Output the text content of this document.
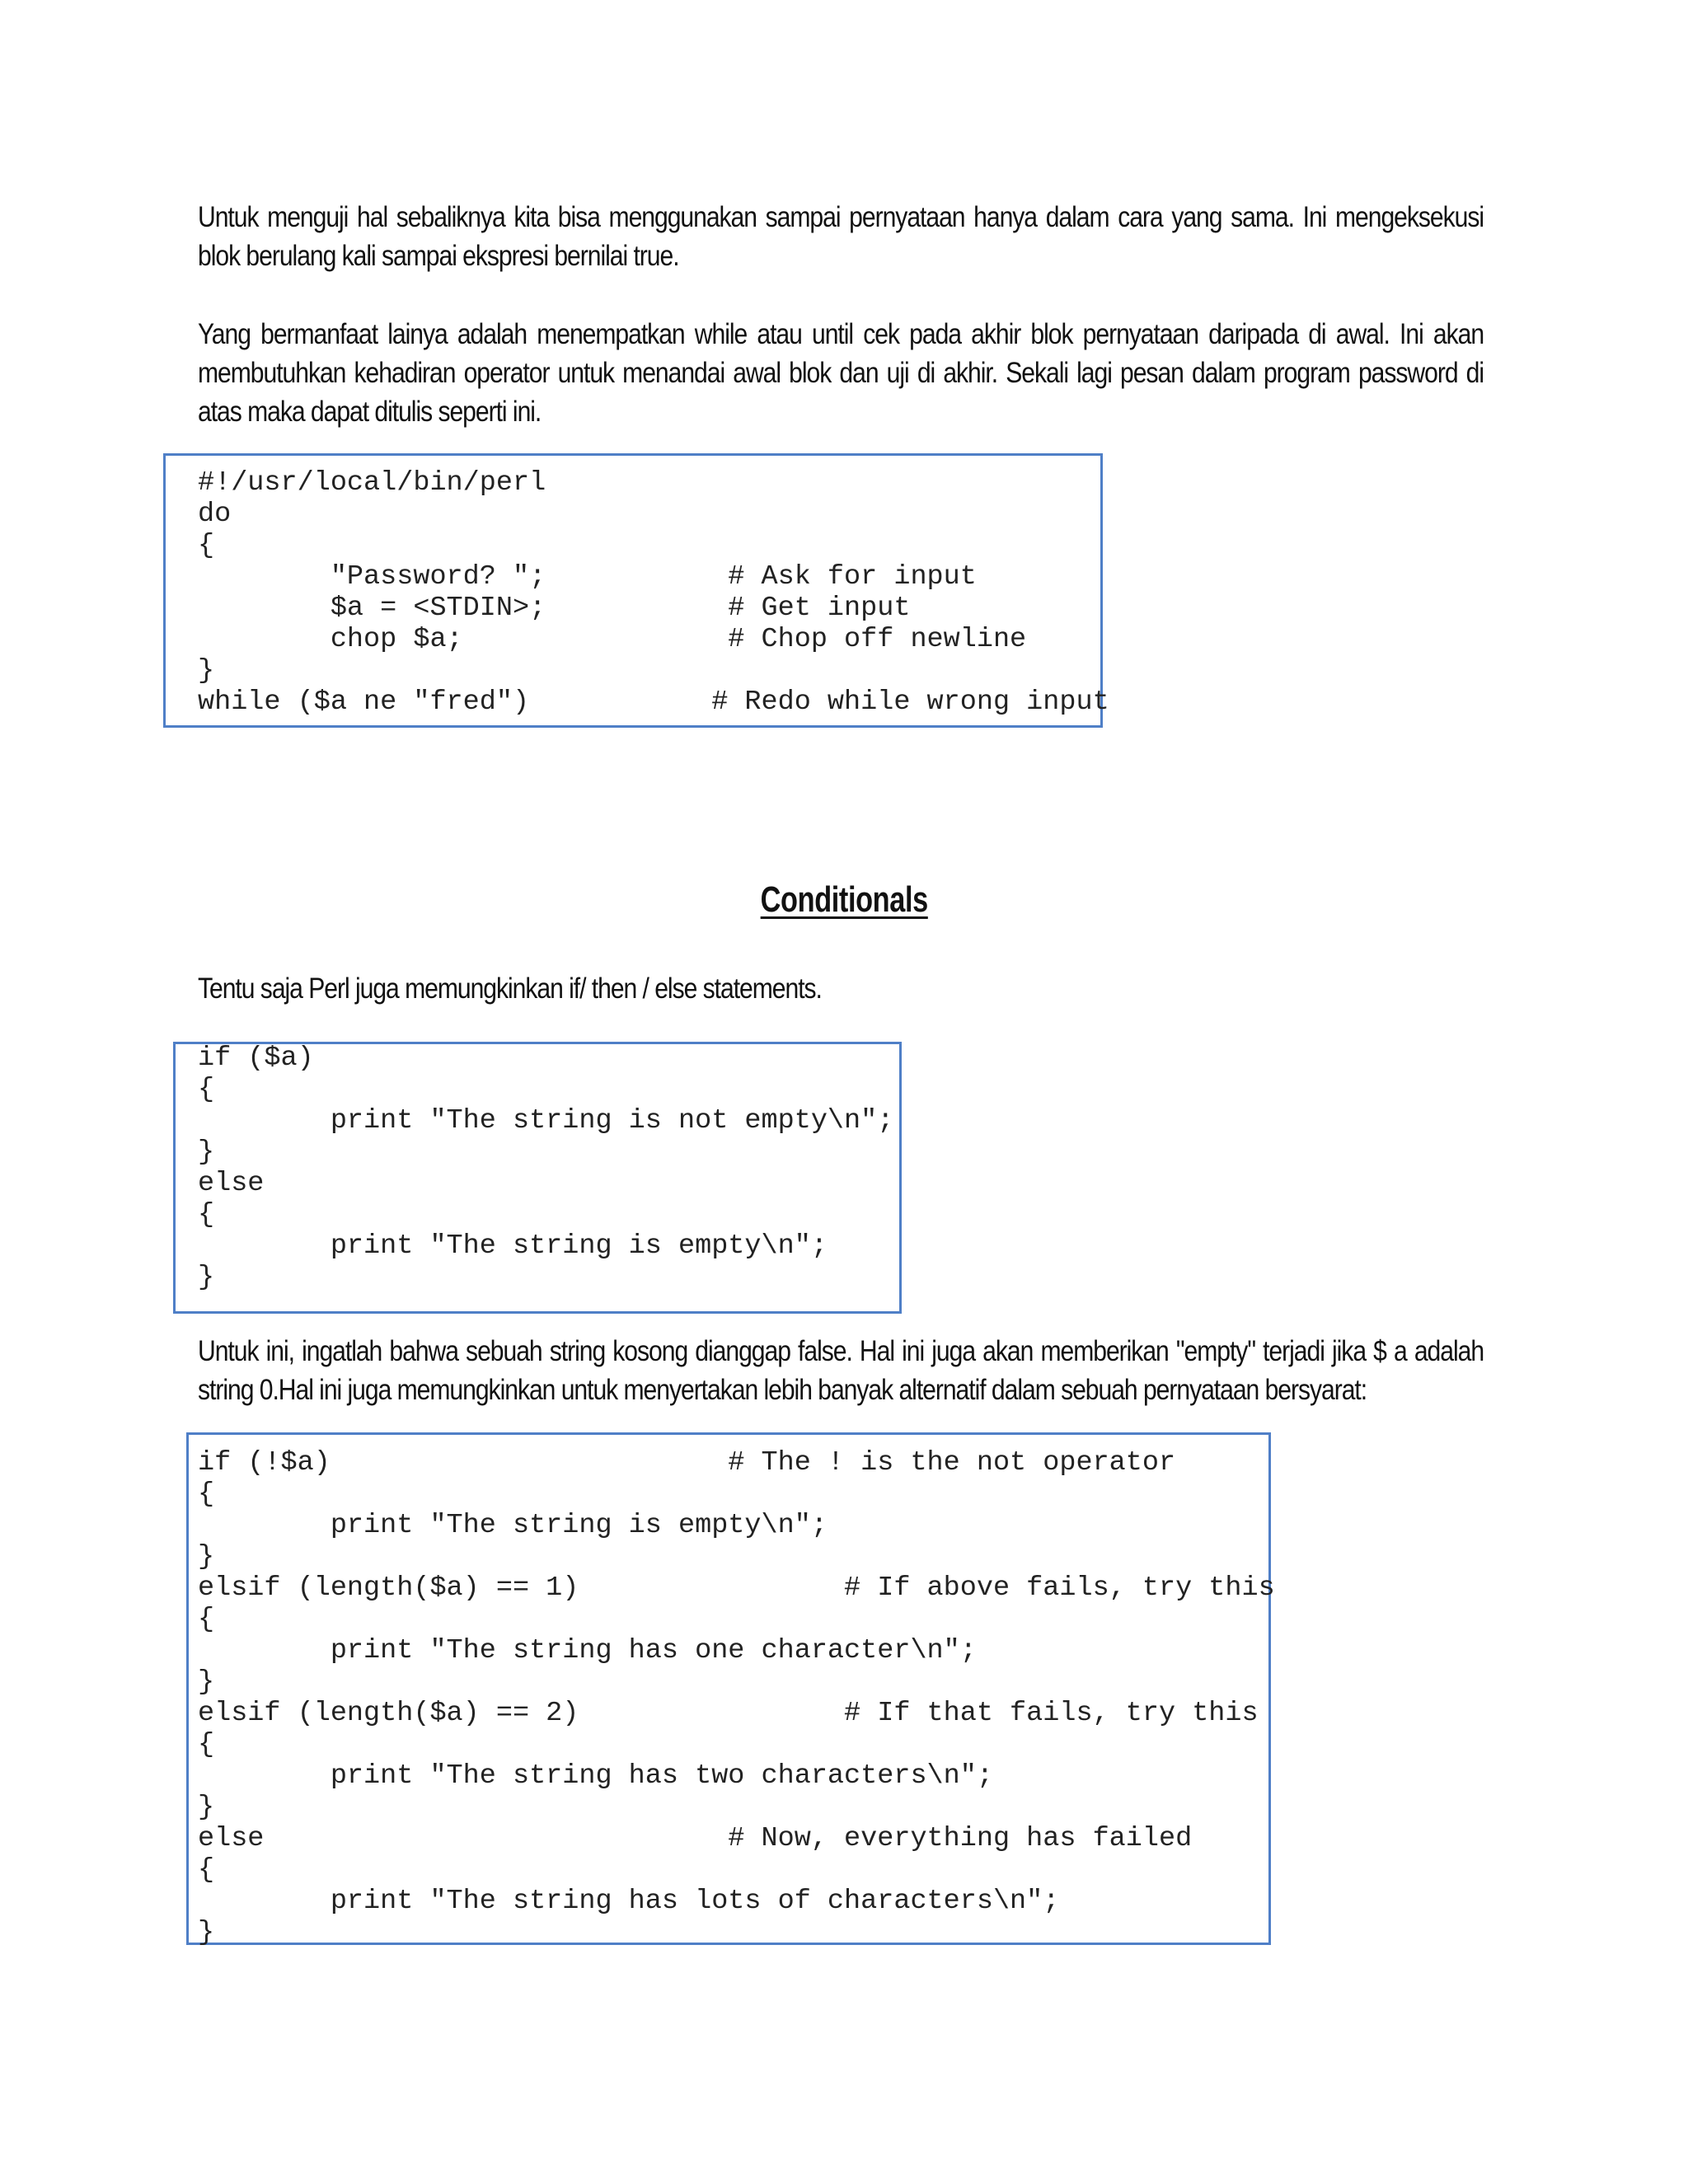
Untuk menguji hal sebaliknya kita bisa menggunakan sampai pernyataan hanya dalam cara yang sama. Ini mengeksekusi blok berulang kali sampai ekspresi bernilai true.

Yang bermanfaat lainya adalah menempatkan while atau until cek pada akhir blok pernyataan daripada di awal. Ini akan membutuhkan kehadiran operator untuk menandai awal blok dan uji di akhir. Sekali lagi pesan dalam program password di atas maka dapat ditulis seperti ini.

#!/usr/local/bin/perl
do
{
"Password? ";           # Ask for input
$a = <STDIN>;           # Get input
chop $a;                # Chop off newline
}
while ($a ne "fred")           # Redo while wrong input
Conditionals

Tentu saja Perl juga memungkinkan if/ then / else statements.

if ($a)
{
print "The string is not empty\n";
}
else
{
print "The string is empty\n";
}

Untuk ini, ingatlah bahwa sebuah string kosong dianggap false. Hal ini juga akan memberikan "empty" terjadi jika $ a adalah string 0.Hal ini juga memungkinkan untuk menyertakan lebih banyak alternatif dalam sebuah pernyataan bersyarat:

if (!$a)                        # The ! is the not operator
{
print "The string is empty\n";
}
elsif (length($a) == 1)                # If above fails, try this
{
print "The string has one character\n";
}
elsif (length($a) == 2)                # If that fails, try this
{
print "The string has two characters\n";
}
else                            # Now, everything has failed
{
print "The string has lots of characters\n";
}
